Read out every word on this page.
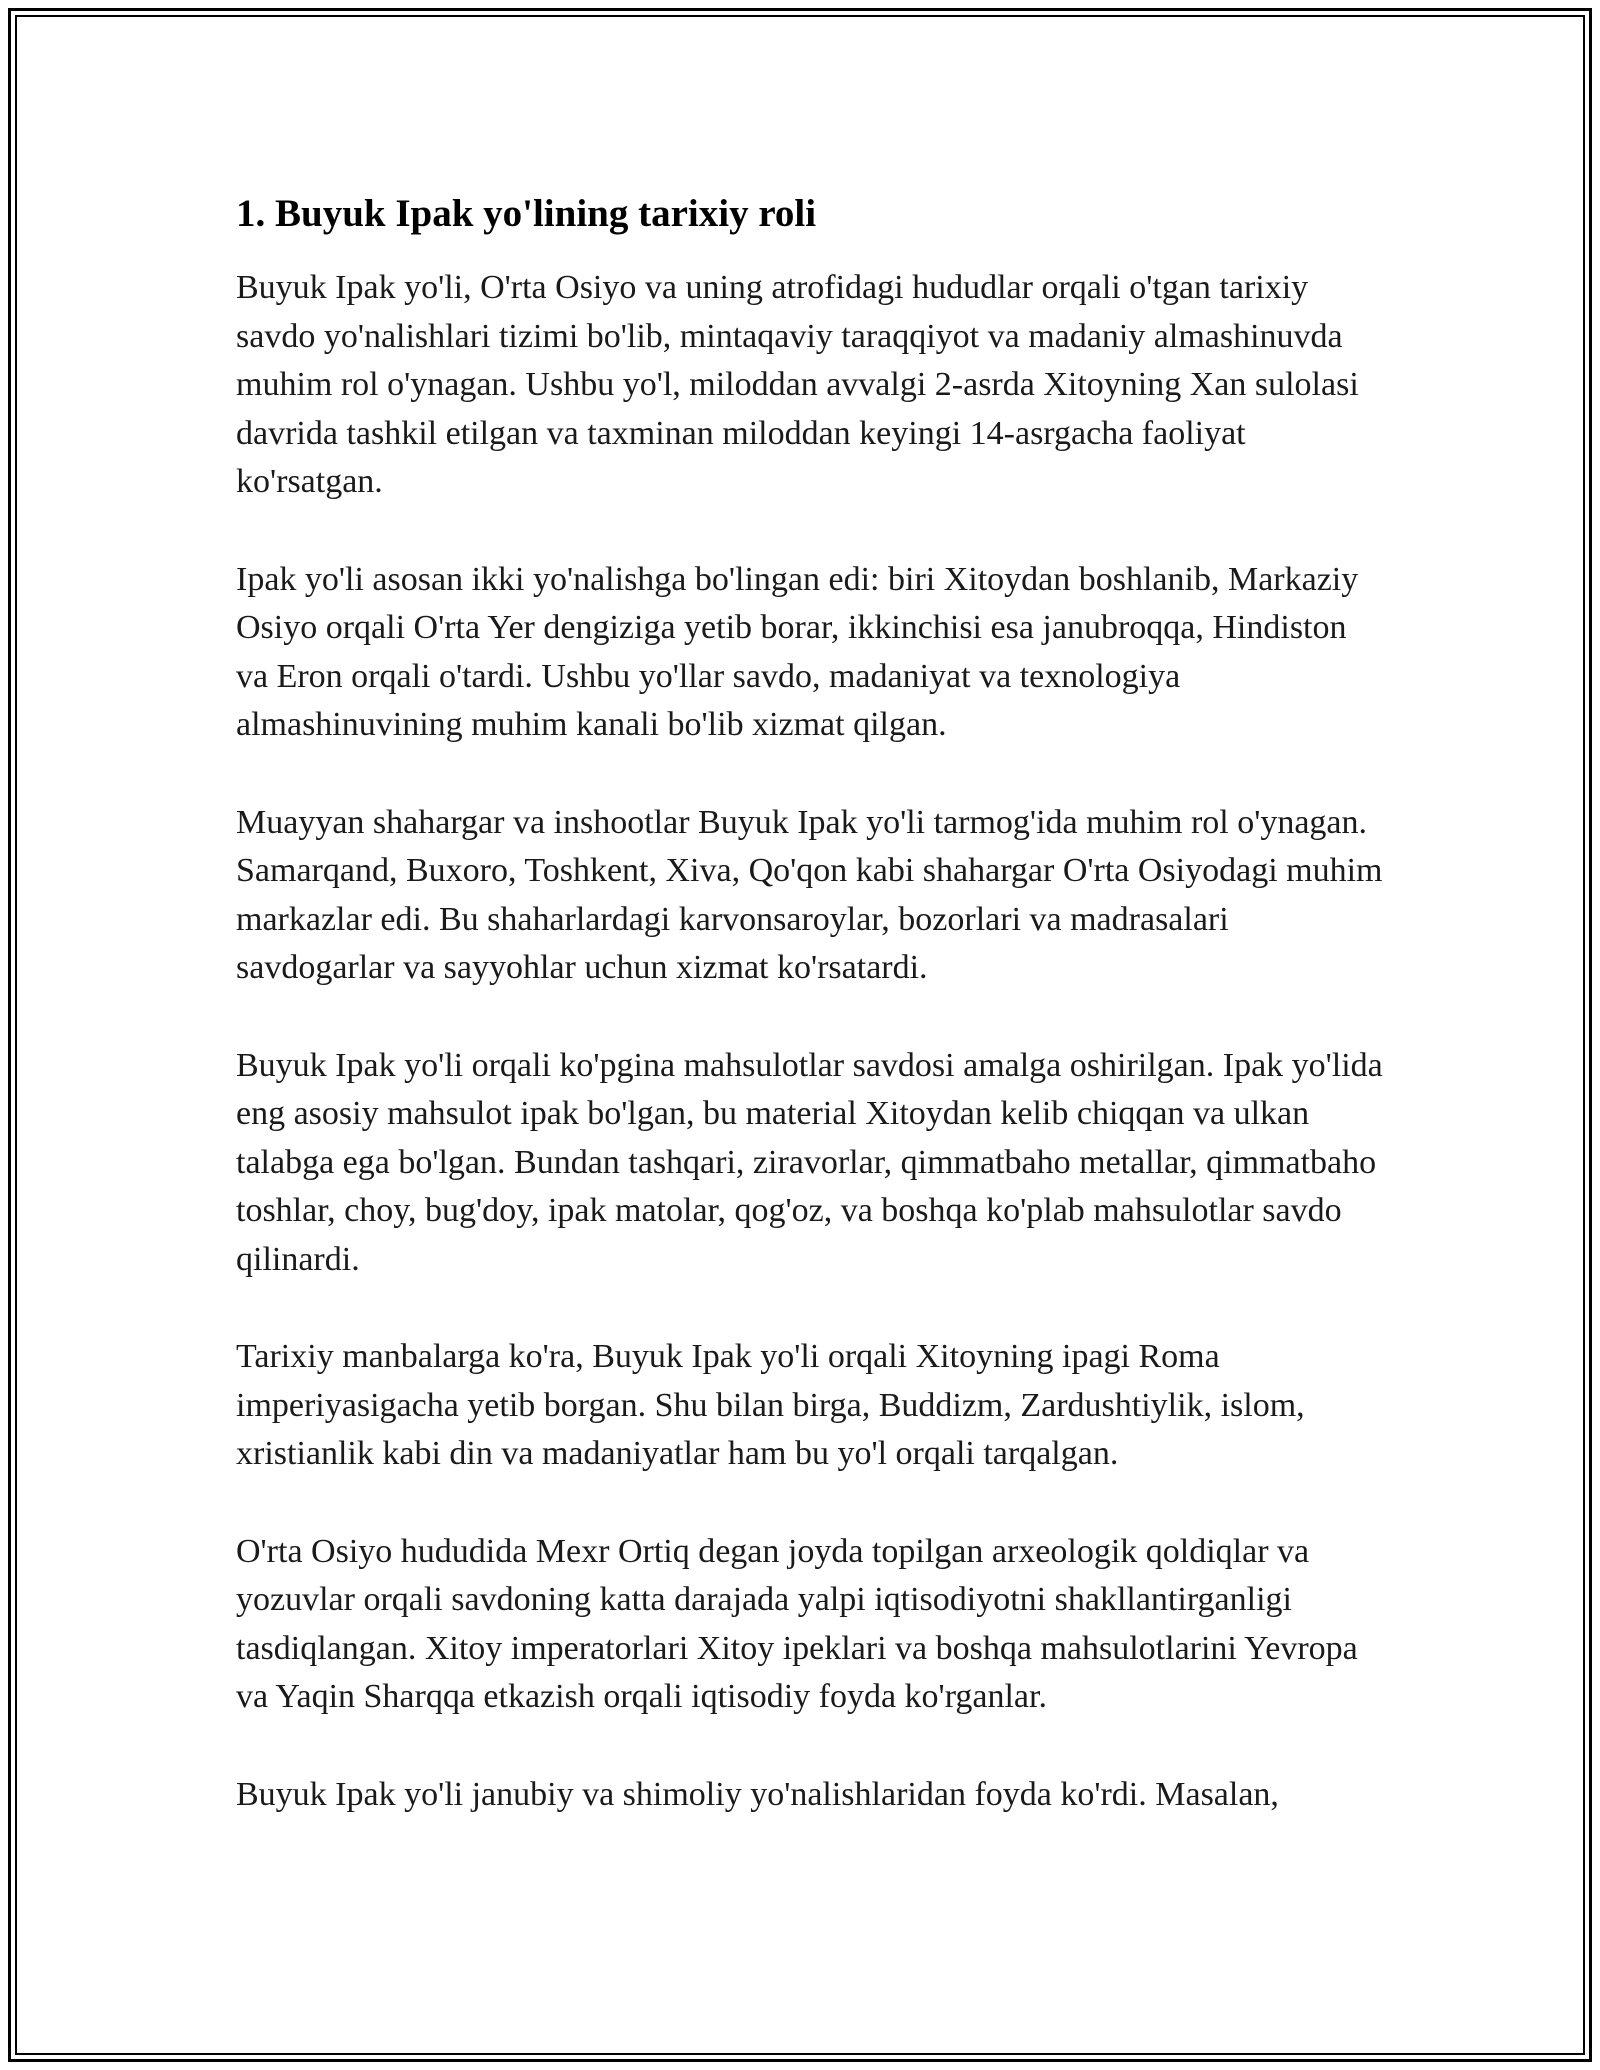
1. Buyuk Ipak yo'lining tarixiy roli

Buyuk Ipak yo'li, O'rta Osiyo va uning atrofidagi hududlar orqali o'tgan tarixiy savdo yo'nalishlari tizimi bo'lib, mintaqaviy taraqqiyot va madaniy almashinuvda muhim rol o'ynagan. Ushbu yo'l, miloddan avvalgi 2-asrda Xitoyning Xan sulolasi davrida tashkil etilgan va taxminan miloddan keyingi 14-asrgacha faoliyat ko'rsatgan.

Ipak yo'li asosan ikki yo'nalishga bo'lingan edi: biri Xitoydan boshlanib, Markaziy Osiyo orqali O'rta Yer dengiziga yetib borar, ikkinchisi esa janubroqqa, Hindiston va Eron orqali o'tardi. Ushbu yo'llar savdo, madaniyat va texnologiya almashinuvining muhim kanali bo'lib xizmat qilgan.

Muayyan shahargar va inshootlar Buyuk Ipak yo'li tarmog'ida muhim rol o'ynagan. Samarqand, Buxoro, Toshkent, Xiva, Qo'qon kabi shahargar O'rta Osiyodagi muhim markazlar edi. Bu shaharlardagi karvonsaroylar, bozorlari va madrasalari savdogarlar va sayyohlar uchun xizmat ko'rsatardi.

Buyuk Ipak yo'li orqali ko'pgina mahsulotlar savdosi amalga oshirilgan. Ipak yo'lida eng asosiy mahsulot ipak bo'lgan, bu material Xitoydan kelib chiqqan va ulkan talabga ega bo'lgan. Bundan tashqari, ziravorlar, qimmatbaho metallar, qimmatbaho toshlar, choy, bug'doy, ipak matolar, qog'oz, va boshqa ko'plab mahsulotlar savdo qilinardi.

Tarixiy manbalarga ko'ra, Buyuk Ipak yo'li orqali Xitoyning ipagi Roma imperiyasigacha yetib borgan. Shu bilan birga, Buddizm, Zardushtiylik, islom, xristianlik kabi din va madaniyatlar ham bu yo'l orqali tarqalgan.

O'rta Osiyo hududida Mexr Ortiq degan joyda topilgan arxeologik qoldiqlar va yozuvlar orqali savdoning katta darajada yalpi iqtisodiyotni shakllantirganligi tasdiqlangan. Xitoy imperatorlari Xitoy ipeklari va boshqa mahsulotlarini Yevropa va Yaqin Sharqqa etkazish orqali iqtisodiy foyda ko'rganlar.

Buyuk Ipak yo'li janubiy va shimoliy yo'nalishlaridan foyda ko'rdi. Masalan,
